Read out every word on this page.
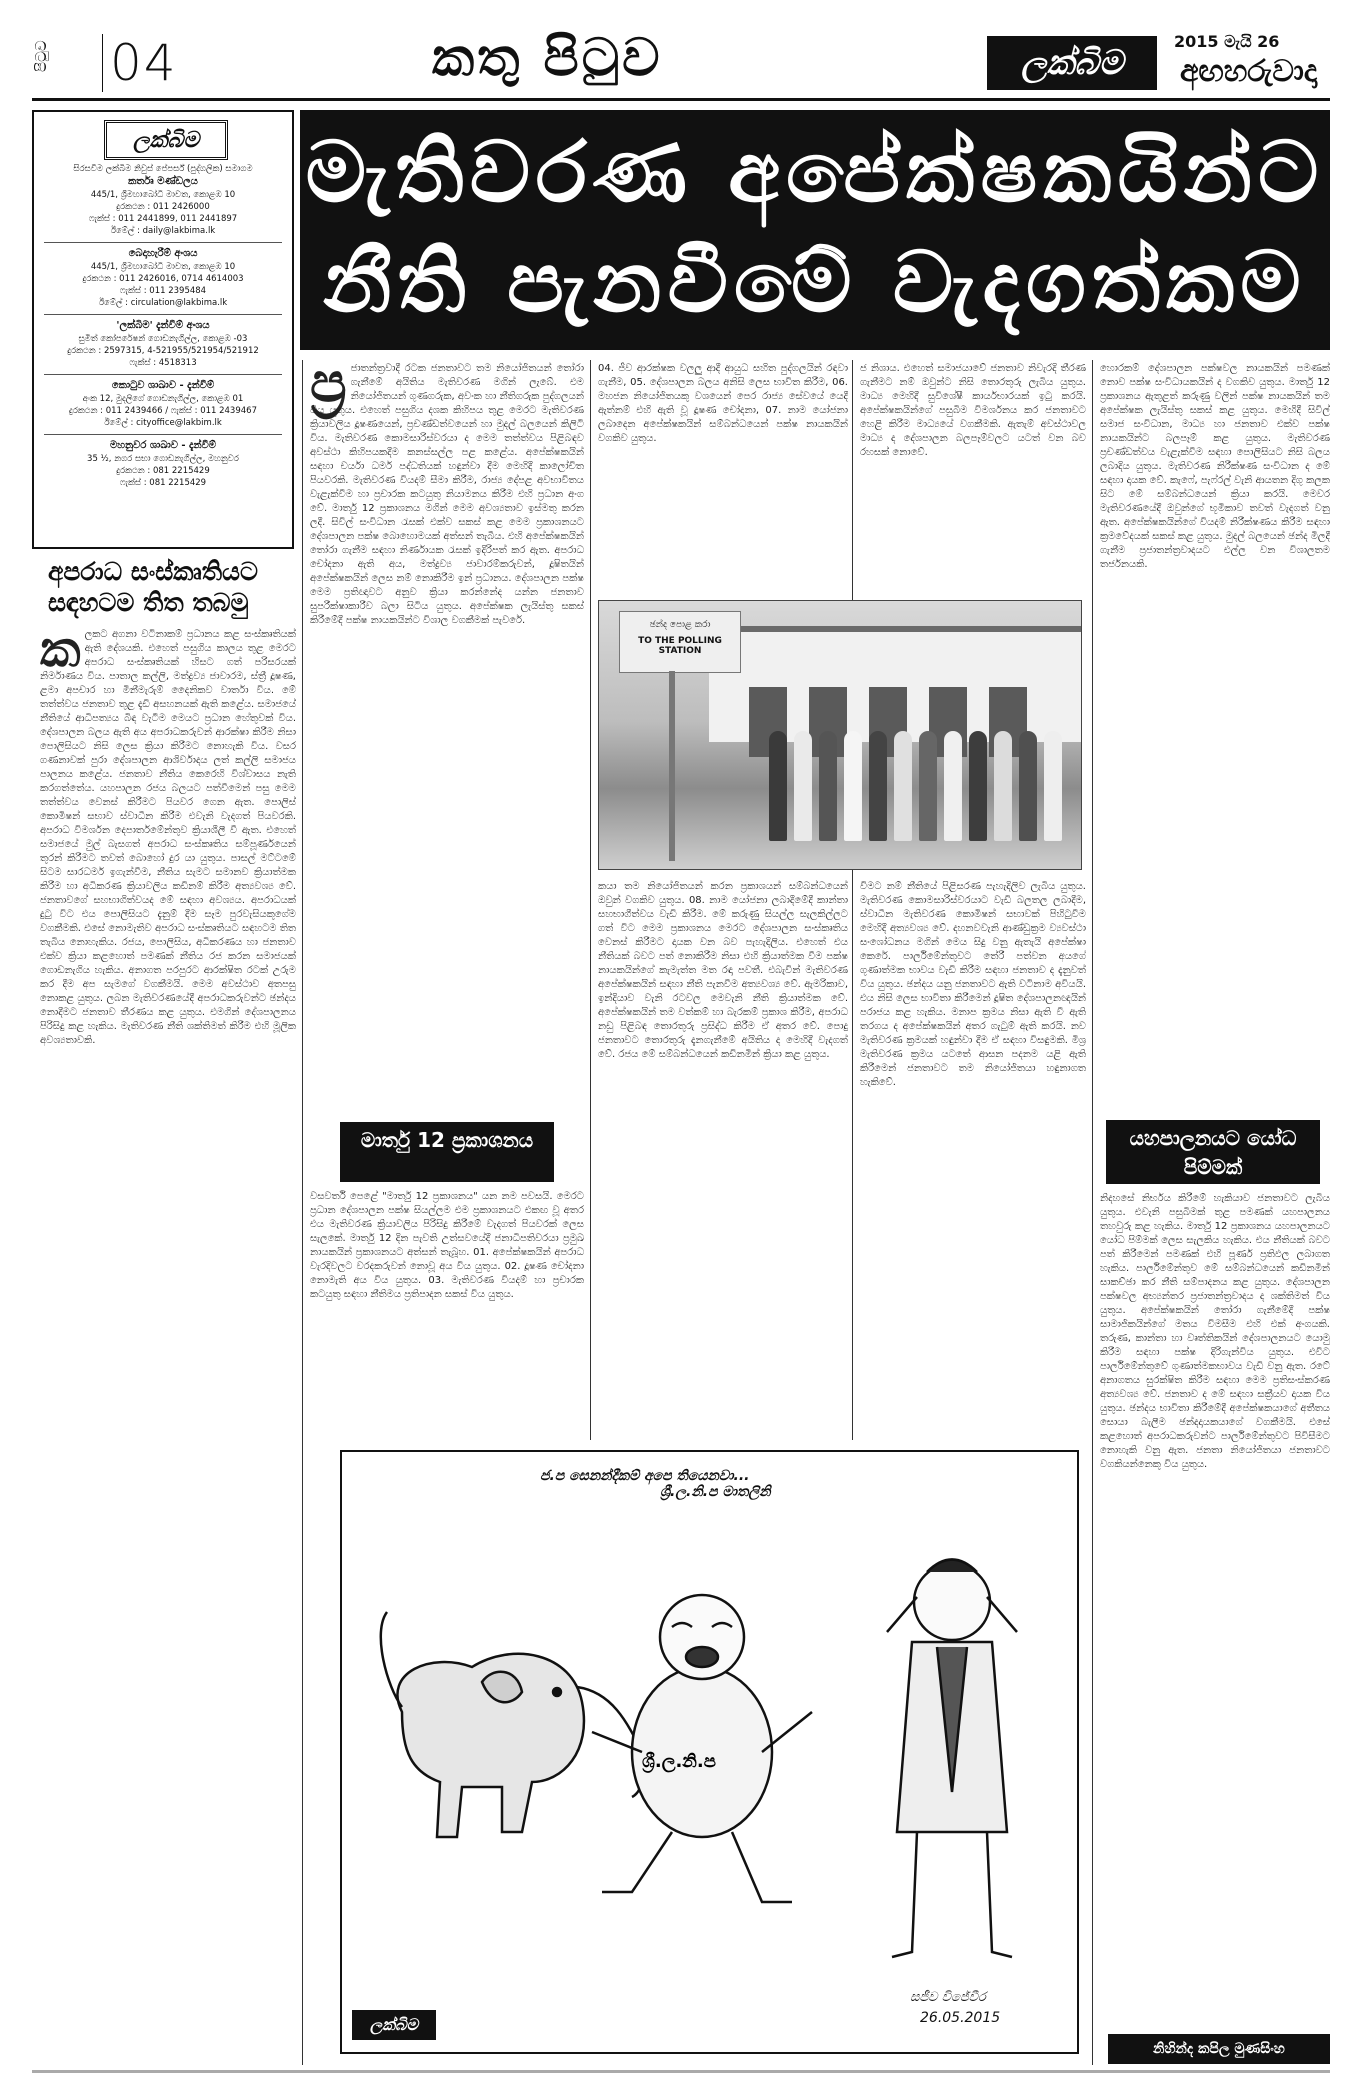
පිටුව 04	කතු පිටුව	ලක්බිම
2015 මැයි 26
අඟහරුවාදා
ලක්බිම
සිරසවීම ලක්බිම නිවුස් පේපර්ස් (පුද්ගලික) සමාගම
කර්තෘ මණ්ඩලය
445/1, ශ්‍රීමහාබෝධි මාවත, කොළඹ 10
දුරකථන : 011 2426000
ෆැක්ස් : 011 2441899, 011 2441897
ඊමේල් : daily@lakbima.lk
බෙදාහැරීම් අංශය
445/1, ශ්‍රීමහාබෝධි මාවත, කොළඹ 10
දුරකථන : 011 2426016, 0714 4614003
ෆැක්ස් : 011 2395484
ඊමේල් : circulation@lakbima.lk
'ලක්බිම' දැන්වීම් අංශය
සුමිත් කෝපරේෂන් ගොඩනැගිල්ල, කොළඹ -03
දුරකථන : 2597315, 4-521955/521954/521912
ෆැක්ස් : 4518313
කොටුව ශාඛාව - දැන්වීම්
අංක 12, මුදලිගේ ගොඩනැගිල්ල, කොළඹ 01
දුරකථන : 011 2439466 / ෆැක්ස් : 011 2439467
ඊමේල් : cityoffice@lakbim.lk
මහනුවර ශාඛාව - දැන්වීම්
35 ½, නගර සභා ගොඩනැගිල්ල, මහනුවර
දුරකථන : 081 2215429
ෆැක්ස් : 081 2215429
මැතිවරණ අපේක්ෂකයින්ට
නීති පැනවීමේ වැදගත්කම
අපරාධ සංස්කෘතියට සඳහටම තිත තබමු
ක ලකට අගනා වටිනාකම් ප්‍රධානය කළ සංස්කෘතියක් ඇති දේශයකි. එහෙත් පසුගිය කාලය තුළ මෙරට අපරාධ සංස්කෘතියක් හිසට ගත් පරිසරයක් නිර්මාණය විය. පාතාල කල්ලි, මත්ද්‍රව්‍ය ජාවාරම, ස්ත්‍රී දූෂණ, ළමා අපචාර හා මිනීමැරුම් දෛනිකව වාර්තා විය. මේ තත්ත්වය ජනතාව තුළ දැඩි අසහනයක් ඇති කළේය. සමාජයේ නීතියේ ආධිපත්‍යය බිඳ වැටීම මෙයට ප්‍රධාන හේතුවක් විය. දේශපාලන බලය ඇති අය අපරාධකරුවන් ආරක්ෂා කිරීම නිසා පොලිසියට නිසි ලෙස ක්‍රියා කිරීමට නොහැකි විය. වසර ගණනාවක් පුරා දේශපාලන ආශිර්වාදය ලත් කල්ලි සමාජය පාලනය කළේය. ජනතාව නීතිය කෙරෙහි විශ්වාසය නැති කරගත්තේය. යහපාලන රජය බලයට පත්වීමෙන් පසු මෙම තත්ත්වය වෙනස් කිරීමට පියවර ගෙන ඇත. පොලිස් කොමිෂන් සභාව ස්වාධීන කිරීම එවැනි වැදගත් පියවරකි. අපරාධ විමර්ශන දෙපාර්තමේන්තුව ක්‍රියාශීලී වී ඇත. එහෙත් සමාජයේ මුල් බැසගත් අපරාධ සංස්කෘතිය සම්පූර්ණයෙන් තුරන් කිරීමට තවත් බොහෝ දුර යා යුතුය. පාසල් මට්ටමේ සිටම සාරධර්ම ඉගැන්වීම, නීතිය සැමට සමානව ක්‍රියාත්මක කිරීම හා අධිකරණ ක්‍රියාවලිය කඩිනම් කිරීම අත්‍යවශ්‍ය වේ. ජනතාවගේ සහභාගිත්වයද මේ සඳහා අවශ්‍යය. අපරාධයක් දුටු විට එය පොලිසියට දැනුම් දීම සෑම පුරවැසියකුගේම වගකීමකි. එසේ නොමැතිව අපරාධ සංස්කෘතියට සඳහටම තිත තැබිය නොහැකිය. රජය, පොලිසිය, අධිකරණය හා ජනතාව එක්ව ක්‍රියා කළහොත් පමණක් නීතිය රජ කරන සමාජයක් ගොඩනැගිය හැකිය. අනාගත පරපුරට ආරක්ෂිත රටක් උරුම කර දීම අප සැමගේ වගකීමයි. මෙම අවස්ථාව අතපසු නොකළ යුතුය. ලබන මැතිවරණයේදී අපරාධකරුවන්ට ඡන්දය නොදීමට ජනතාව තීරණය කළ යුතුය. එමගින් දේශපාලනය පිරිසිදු කළ හැකිය. මැතිවරණ නීති ශක්තිමත් කිරීම එහි මූලික අවශ්‍යතාවකි.
ප්‍ර ජාතන්ත්‍රවාදී රටක ජනතාවට තම නියෝජිතයන් තෝරා ගැනීමේ අයිතිය මැතිවරණ මගින් ලැබේ. එම නියෝජිතයන් ගුණගරුක, අවංක හා නීතිගරුක පුද්ගලයන් විය යුතුය. එහෙත් පසුගිය දශක කිහිපය තුළ මෙරට මැතිවරණ ක්‍රියාවලිය දූෂණයෙන්, ප්‍රචණ්ඩත්වයෙන් හා මුදල් බලයෙන් කිලිටි විය. මැතිවරණ කොමසාරිස්වරයා ද මෙම තත්ත්වය පිළිබඳව අවස්ථා කිහිපයකදීම කනස්සල්ල පළ කළේය. අපේක්ෂකයින් සඳහා චර්යා ධර්ම පද්ධතියක් හඳුන්වා දීම මෙහිදී කාලෝචිත පියවරකි. මැතිවරණ වියදම් සීමා කිරීම, රාජ්‍ය දේපළ අවභාවිතය වැළැක්වීම හා ප්‍රචාරක කටයුතු නියාමනය කිරීම එහි ප්‍රධාන අංග වේ. මාර්තු 12 ප්‍රකාශනය මගින් මෙම අවශ්‍යතාව ඉස්මතු කරන ලදී. සිවිල් සංවිධාන රැසක් එක්ව සකස් කළ මෙම ප්‍රකාශනයට දේශපාලන පක්ෂ බොහොමයක් අත්සන් තැබීය. එහි අපේක්ෂකයින් තෝරා ගැනීම සඳහා නිර්ණායක රැසක් ඉදිරිපත් කර ඇත. අපරාධ චෝදනා ඇති අය, මත්ද්‍රව්‍ය ජාවාරම්කරුවන්, දූෂිතයින් අපේක්ෂකයින් ලෙස නම් නොකිරීම ඉන් ප්‍රධානය. දේශපාලන පක්ෂ මෙම ප්‍රතිඥාවට අනුව ක්‍රියා කරන්නේද යන්න ජනතාව සුපරීක්ෂාකාරීව බලා සිටිය යුතුය. අපේක්ෂක ලැයිස්තු සකස් කිරීමේදී පක්ෂ නායකයින්ට විශාල වගකීමක් පැවරේ.
04. ජීව ආරක්ෂක වලලු ආදී ආයුධ සහිත පුද්ගලයින් රඳවා ගැනීම, 05. දේශපාලන බලය අනිසි ලෙස භාවිත කිරීම, 06. මහජන නියෝජිතයකු වශයෙන් පෙර රාජ්‍ය සේවයේ යෙදී ඇත්නම් එහි ඇති වූ දූෂණ චෝදනා, 07. නාම යෝජනා ලබාදෙන අපේක්ෂකයින් සම්බන්ධයෙන් පක්ෂ නායකයින් වගකිව යුතුය.
ජ නිශාය. එහෙත් සමාජයාවේ ජනතාව නිවැරදි තීරණ ගැනීමට නම් ඔවුන්ට නිසි තොරතුරු ලැබිය යුතුය. මාධ්‍ය මෙහිදී සුවිශේෂී කාර්යභාරයක් ඉටු කරයි. අපේක්ෂකයින්ගේ පසුබිම විමර්ශනය කර ජනතාවට හෙළි කිරීම මාධ්‍යයේ වගකීමකි. ඇතැම් අවස්ථාවල මාධ්‍ය ද දේශපාලන බලපෑම්වලට යටත් වන බව රහසක් නොවේ.
ඡන්ද පොළ කරා
TO THE POLLING STATION
මාර්තු 12 ප්‍රකාශනය
වසවර්ති පෙළේ "මාර්තු 12 ප්‍රකාශනය" යන නම පවසයි. මෙරට ප්‍රධාන දේශපාලන පක්ෂ සියල්ලම එම ප්‍රකාශනයට එකඟ වූ අතර එය මැතිවරණ ක්‍රියාවලිය පිරිසිදු කිරීමේ වැදගත් පියවරක් ලෙස සැලකේ. මාර්තු 12 දින පැවති උත්සවයේදී ජනාධිපතිවරයා ප්‍රමුඛ නායකයින් ප්‍රකාශනයට අත්සන් තැබූහ. 01. අපේක්ෂකයින් අපරාධ වැරදිවලට වරදකරුවන් නොවූ අය විය යුතුය. 02. දූෂණ චෝදනා නොමැති අය විය යුතුය. 03. මැතිවරණ වියදම් හා ප්‍රචාරක කටයුතු සඳහා නීතිමය ප්‍රතිපාදන සකස් විය යුතුය.
කයා තම නියෝජිතයන් කරන ප්‍රකාශයන් සම්බන්ධයෙන් ඔවුන් වගකිව යුතුය. 08. නාම යෝජනා ලබාදීමේදී කාන්තා සහභාගීත්වය වැඩි කිරීම. මේ කරුණු සියල්ල සැලකිල්ලට ගත් විට මෙම ප්‍රකාශනය මෙරට දේශපාලන සංස්කෘතිය වෙනස් කිරීමට දායක වන බව පැහැදිලිය. එහෙත් එය නීතියක් බවට පත් නොකිරීම නිසා එහි ක්‍රියාත්මක වීම පක්ෂ නායකයින්ගේ කැමැත්ත මත රඳා පවතී. එබැවින් මැතිවරණ අපේක්ෂකයින් සඳහා නීති පැනවීම අත්‍යවශ්‍ය වේ. ඇමරිකාව, ඉන්දියාව වැනි රටවල මෙවැනි නීති ක්‍රියාත්මක වේ. අපේක්ෂකයින් තම වත්කම් හා බැරකම් ප්‍රකාශ කිරීම, අපරාධ නඩු පිළිබඳ තොරතුරු ප්‍රසිද්ධ කිරීම ඒ අතර වේ. පොදු ජනතාවට තොරතුරු දැනගැනීමේ අයිතිය ද මෙහිදී වැදගත් වේ. රජය මේ සම්බන්ධයෙන් කඩිනමින් ක්‍රියා කළ යුතුය.
විමට නම් නීතියේ පිළිසරණ පැහැදිලිව ලැබිය යුතුය. මැතිවරණ කොමසාරිස්වරයාට වැඩි බලතල ලබාදීම, ස්වාධීන මැතිවරණ කොමිෂන් සභාවක් පිහිටුවීම මෙහිදී අත්‍යවශ්‍ය වේ. දහනවවැනි ආණ්ඩුක්‍රම ව්‍යවස්ථා සංශෝධනය මගින් මෙය සිදු වනු ඇතැයි අපේක්ෂා කෙරේ. පාර්ලිමේන්තුවට තේරී පත්වන අයගේ ගුණාත්මක භාවය වැඩි කිරීම සඳහා ජනතාව ද දැනුවත් විය යුතුය. ඡන්දය යනු ජනතාවට ඇති වටිනාම අවියයි. එය නිසි ලෙස භාවිතා කිරීමෙන් දූෂිත දේශපාලනඥයින් පරාජය කළ හැකිය. මනාප ක්‍රමය නිසා ඇති වී ඇති තරගය ද අපේක්ෂකයින් අතර ගැටුම් ඇති කරයි. නව මැතිවරණ ක්‍රමයක් හඳුන්වා දීම ඒ සඳහා විසඳුමකි. මිශ්‍ර මැතිවරණ ක්‍රමය යටතේ ආසන පදනම යළි ඇති කිරීමෙන් ජනතාවට තම නියෝජිතයා හඳුනාගත හැකිවේ.
හොරකම් දේශපාලන පක්ෂවල නායකයින් පමණක් නොව පක්ෂ සංවිධායකයින් ද වගකිව යුතුය. මාර්තු 12 ප්‍රකාශනය ඇතුළත් කරුණු වලින් පක්ෂ නායකයින් තම අපේක්ෂක ලැයිස්තු සකස් කළ යුතුය. මෙහිදී සිවිල් සමාජ සංවිධාන, මාධ්‍ය හා ජනතාව එක්ව පක්ෂ නායකයින්ට බලපෑම් කළ යුතුය. මැතිවරණ ප්‍රචණ්ඩත්වය වැළැක්වීම සඳහා පොලිසියට නිසි බලය ලබාදිය යුතුය. මැතිවරණ නිරීක්ෂණ සංවිධාන ද මේ සඳහා දායක වේ. කැෆේ, පැෆ්රල් වැනි ආයතන දිගු කලක සිට මේ සම්බන්ධයෙන් ක්‍රියා කරයි. මෙවර මැතිවරණයේදී ඔවුන්ගේ භූමිකාව තවත් වැදගත් වනු ඇත. අපේක්ෂකයින්ගේ වියදම් නිරීක්ෂණය කිරීම සඳහා ක්‍රමවේදයක් සකස් කළ යුතුය. මුදල් බලයෙන් ඡන්ද මිලදී ගැනීම ප්‍රජාතන්ත්‍රවාදයට එල්ල වන විශාලතම තර්ජනයකි.
යහපාලනයට යෝධ පිම්මක්
නිදහසේ නිර්භය කිරීමේ හැකියාව ජනතාවට ලැබිය යුතුය. එවැනි පසුබිමක් තුළ පමණක් යහපාලනය තහවුරු කළ හැකිය. මාර්තු 12 ප්‍රකාශනය යහපාලනයට යෝධ පිම්මක් ලෙස සැලකිය හැකිය. එය නීතියක් බවට පත් කිරීමෙන් පමණක් එහි පූර්ණ ප්‍රතිඵල ලබාගත හැකිය. පාර්ලිමේන්තුව මේ සම්බන්ධයෙන් කඩිනමින් සාකච්ඡා කර නීති සම්පාදනය කළ යුතුය. දේශපාලන පක්ෂවල අභ්‍යන්තර ප්‍රජාතන්ත්‍රවාදය ද ශක්තිමත් විය යුතුය. අපේක්ෂකයින් තෝරා ගැනීමේදී පක්ෂ සාමාජිකයින්ගේ මතය විමසීම එහි එක් අංගයකි. තරුණ, කාන්තා හා වෘත්තිකයින් දේශපාලනයට යොමු කිරීම සඳහා පක්ෂ දිරිගැන්විය යුතුය. එවිට පාර්ලිමේන්තුවේ ගුණාත්මකභාවය වැඩි වනු ඇත. රටේ අනාගතය සුරක්ෂිත කිරීම සඳහා මෙම ප්‍රතිසංස්කරණ අත්‍යවශ්‍ය වේ. ජනතාව ද මේ සඳහා සක්‍රීයව දායක විය යුතුය. ඡන්දය භාවිතා කිරීමේදී අපේක්ෂකයාගේ අතීතය සොයා බැලීම ඡන්දදායකයාගේ වගකීමයි. එසේ කළහොත් අපරාධකරුවන්ට පාර්ලිමේන්තුවට පිවිසීමට නොහැකි වනු ඇත. ජනතා නියෝජිතයා ජනතාවට වගකියන්නෙකු විය යුතුය.
ශ්‍රී.ල.නි.ප
ජ.ප සෙනන්දීකම් අපෙ තියෙනවා...
ශ්‍රී.ල.නි.ප මාතලිනි
සජීව විජේවීර
26.05.2015
ලක්බිම
නිහින්ද කපිල මුණසිංහ
